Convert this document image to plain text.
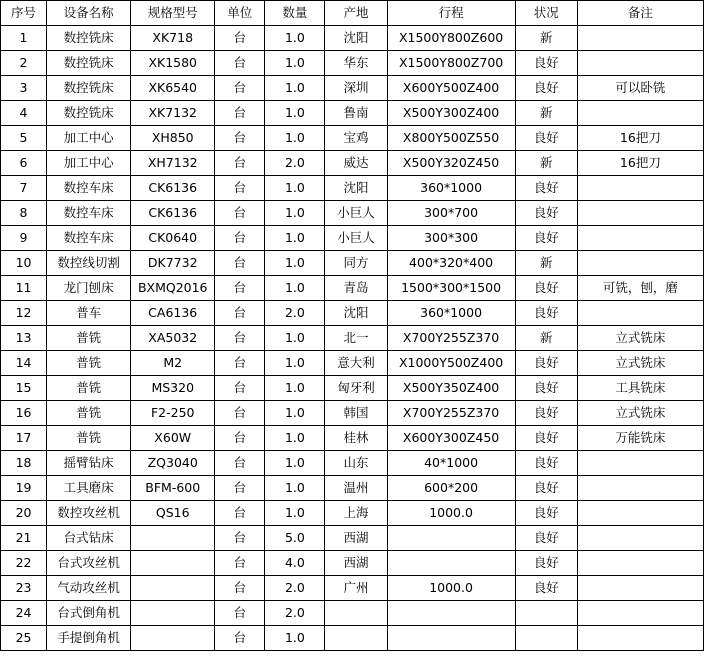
序号	设备名称	规格型号	单位	数量	产地	行程	状况	备注
1	数控铣床	XK718	台	1.0	沈阳	X1500Y800Z600	新	
2	数控铣床	XK1580	台	1.0	华东	X1500Y800Z700	良好	
3	数控铣床	XK6540	台	1.0	深圳	X600Y500Z400	良好	可以卧铣
4	数控铣床	XK7132	台	1.0	鲁南	X500Y300Z400	新	
5	加工中心	XH850	台	1.0	宝鸡	X800Y500Z550	良好	16把刀
6	加工中心	XH7132	台	2.0	威达	X500Y320Z450	新	16把刀
7	数控车床	CK6136	台	1.0	沈阳	360*1000	良好	
8	数控车床	CK6136	台	1.0	小巨人	300*700	良好	
9	数控车床	CK0640	台	1.0	小巨人	300*300	良好	
10	数控线切割	DK7732	台	1.0	同方	400*320*400	新	
11	龙门刨床	BXMQ2016	台	1.0	青岛	1500*300*1500	良好	可铣，刨，磨
12	普车	CA6136	台	2.0	沈阳	360*1000	良好	
13	普铣	XA5032	台	1.0	北一	X700Y255Z370	新	立式铣床
14	普铣	M2	台	1.0	意大利	X1000Y500Z400	良好	立式铣床
15	普铣	MS320	台	1.0	匈牙利	X500Y350Z400	良好	工具铣床
16	普铣	F2-250	台	1.0	韩国	X700Y255Z370	良好	立式铣床
17	普铣	X60W	台	1.0	桂林	X600Y300Z450	良好	万能铣床
18	摇臂钻床	ZQ3040	台	1.0	山东	40*1000	良好	
19	工具磨床	BFM-600	台	1.0	温州	600*200	良好	
20	数控攻丝机	QS16	台	1.0	上海	1000.0	良好	
21	台式钻床		台	5.0	西湖		良好	
22	台式攻丝机		台	4.0	西湖		良好	
23	气动攻丝机		台	2.0	广州	1000.0	良好	
24	台式倒角机		台	2.0				
25	手提倒角机		台	1.0				
